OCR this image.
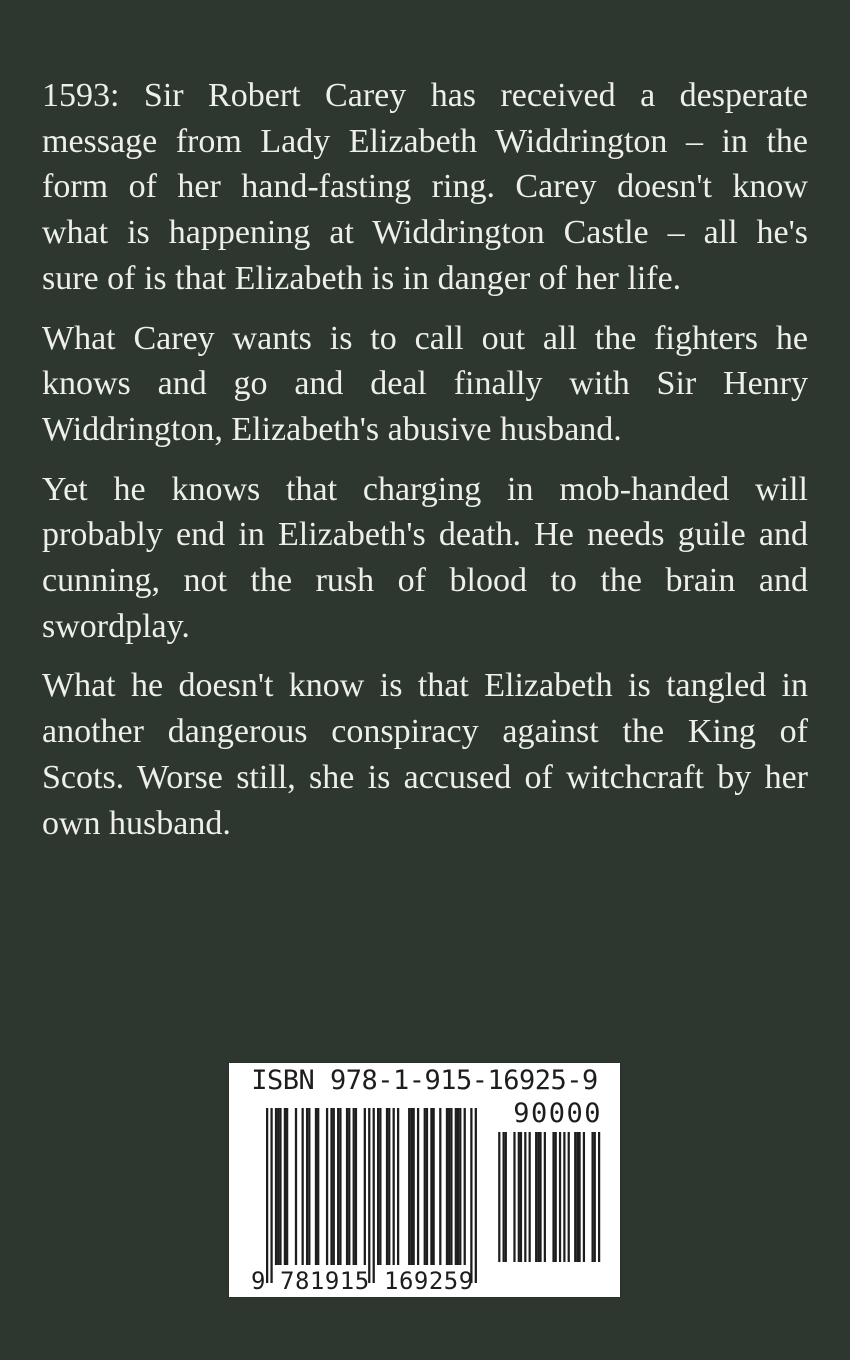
1593: Sir Robert Carey has received a desperate
message from Lady Elizabeth Widdrington – in the
form of her hand-fasting ring. Carey doesn't know
what is happening at Widdrington Castle – all he's
sure of is that Elizabeth is in danger of her life.
What Carey wants is to call out all the fighters he
knows and go and deal finally with Sir Henry
Widdrington, Elizabeth's abusive husband.
Yet he knows that charging in mob-handed will
probably end in Elizabeth's death. He needs guile and
cunning, not the rush of blood to the brain and
swordplay.
What he doesn't know is that Elizabeth is tangled in
another dangerous conspiracy against the King of
Scots. Worse still, she is accused of witchcraft by her
own husband.
ISBN 978-1-915-16925-9
90000
9 781915 169259
